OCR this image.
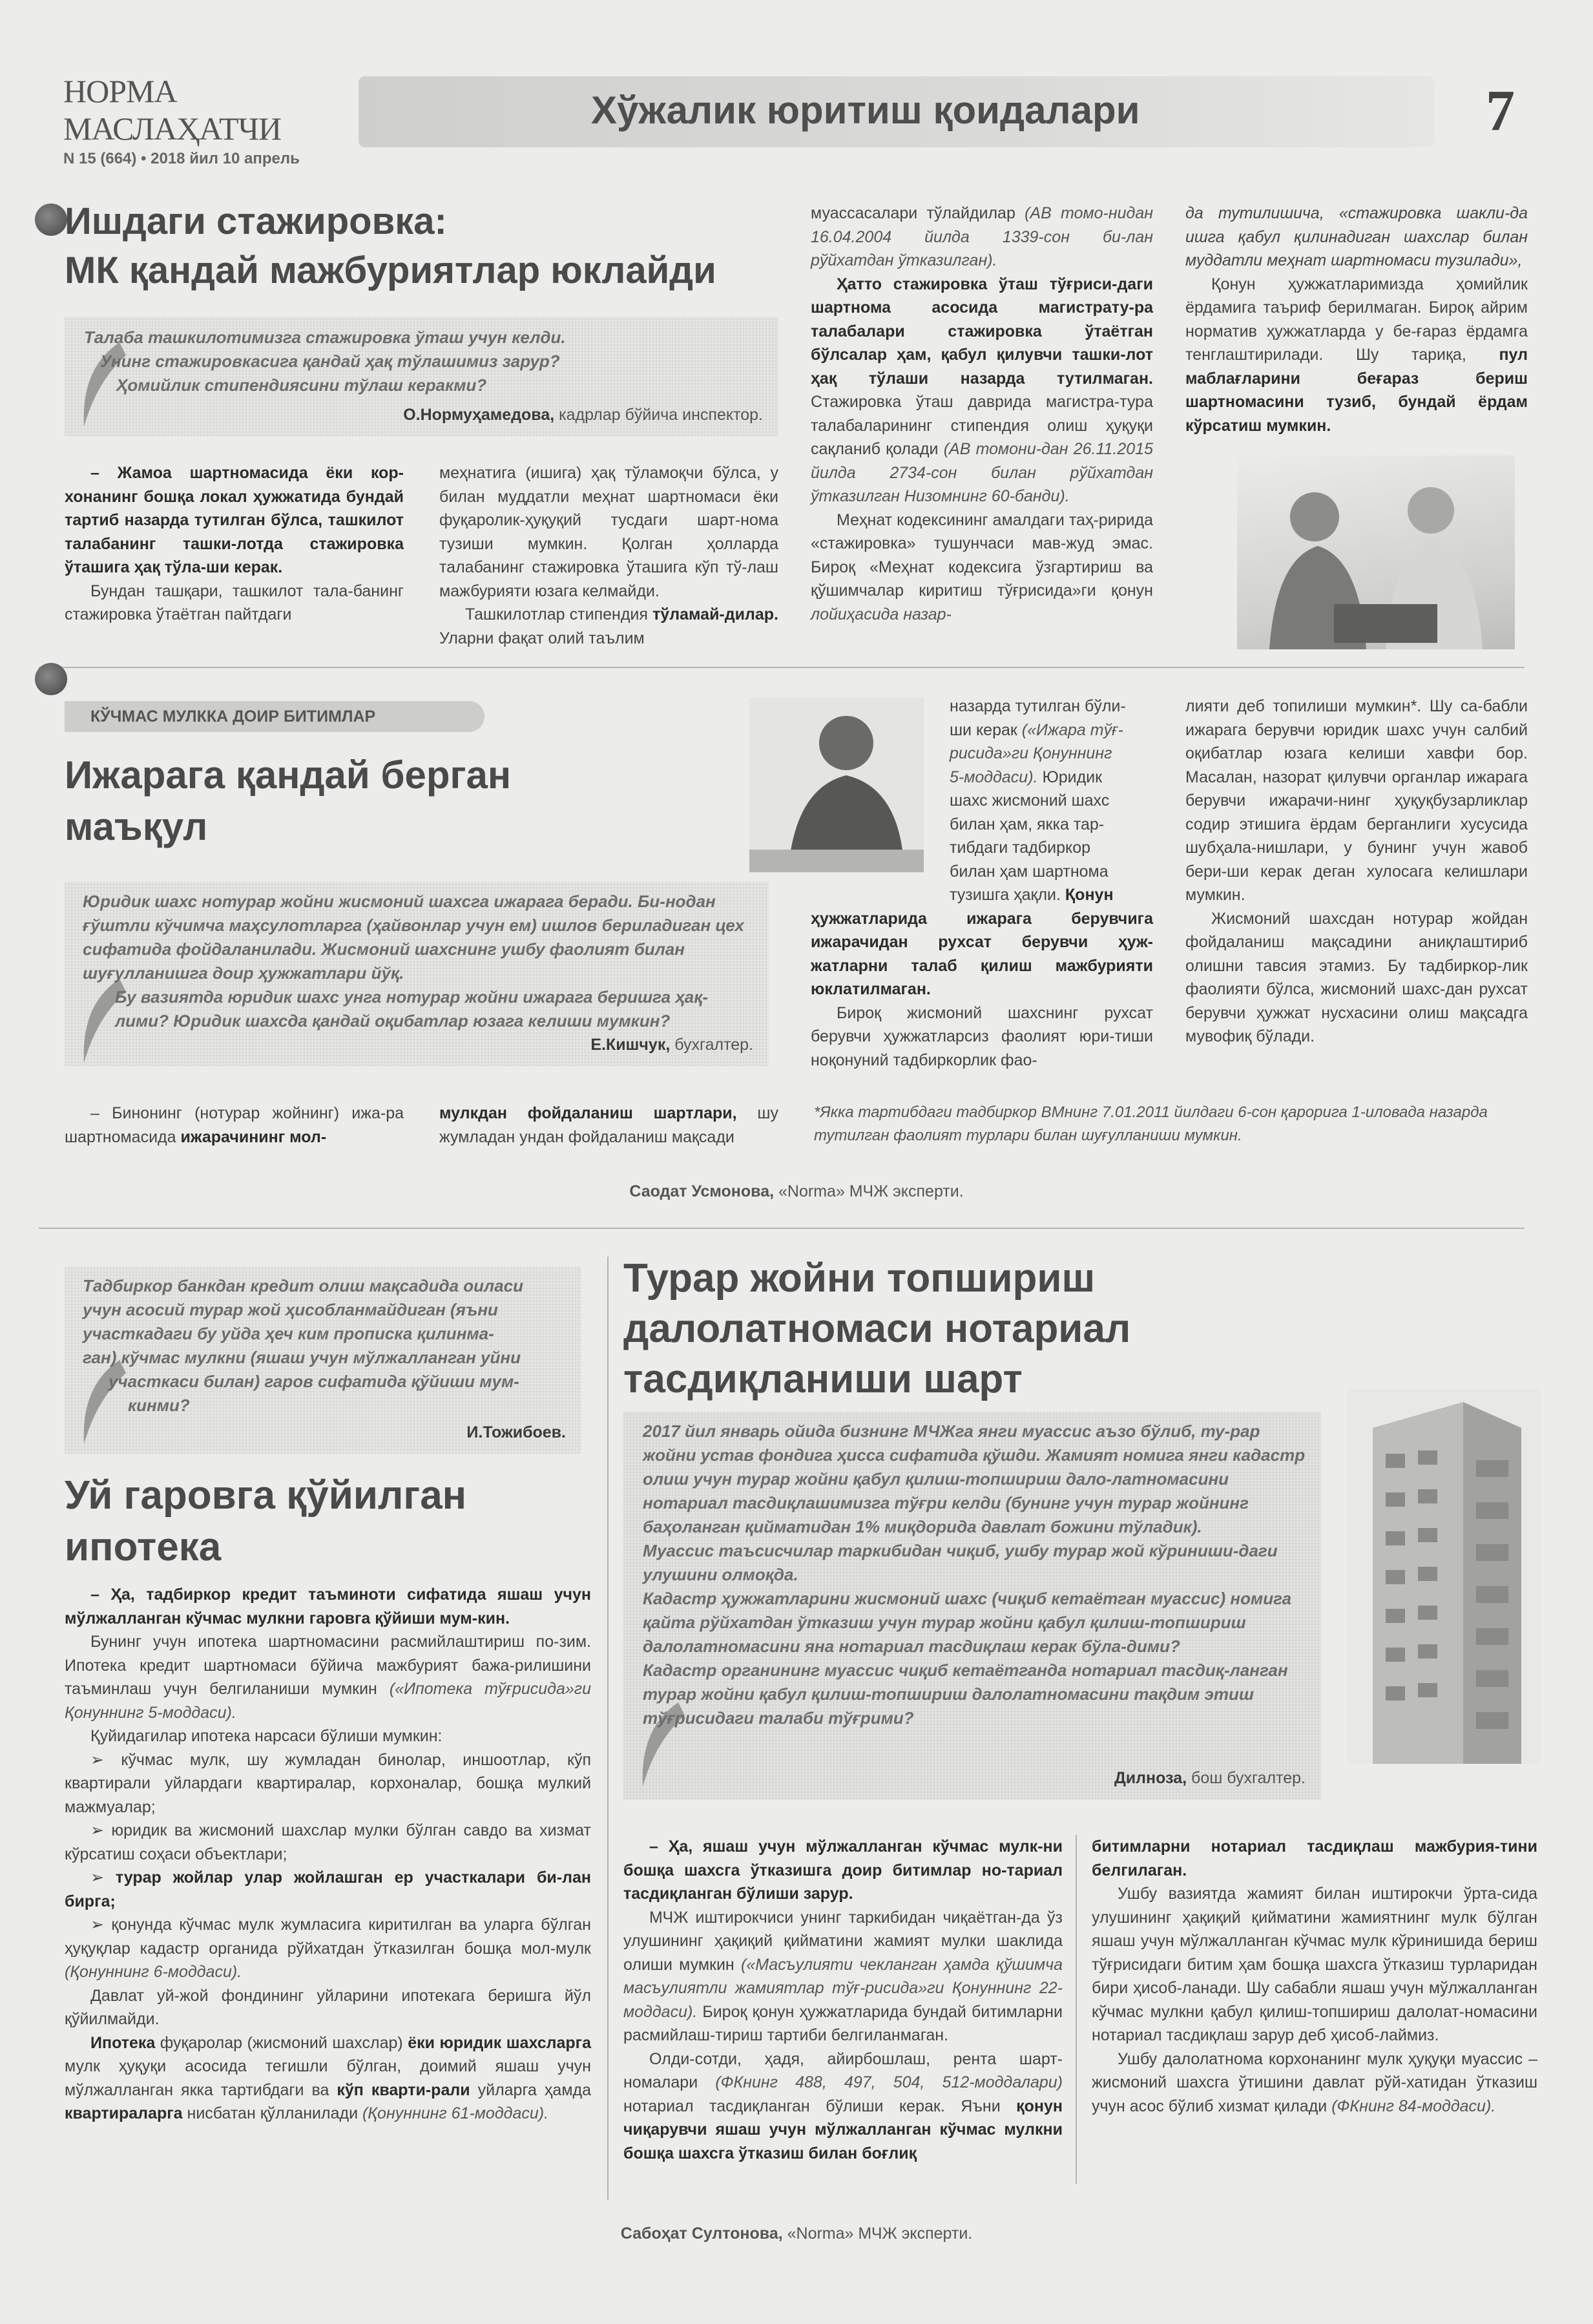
НОРМА МАСЛАҲАТЧИ
N 15 (664) • 2018 йил 10 апрель
Хўжалик юритиш қоидалари	7
Ишдаги стажировка:
МК қандай мажбуриятлар юклайди

Талаба ташкилотимизга стажировка ўташ учун келди.

Унинг стажировкасига қандай ҳақ тўлашимиз зарур?

Ҳомийлик стипендиясини тўлаш керакми?

О.Нормуҳамедова, кадрлар бўйича инспектор.

– Жамоа шартномасида ёки кор-хонанинг бошқа локал ҳужжатида бундай тартиб назарда тутилган бўлса, ташкилот талабанинг ташки-лотда стажировка ўташига ҳақ тўла-ши керак.

Бундан ташқари, ташкилот тала-банинг стажировка ўтаётган пайтдаги

меҳнатига (ишига) ҳақ тўламоқчи бўлса, у билан муддатли меҳнат шартномаси ёки фуқаролик-ҳуқуқий тусдаги шарт-нома тузиши мумкин. Қолган ҳолларда талабанинг стажировка ўташига кўп тў-лаш мажбурияти юзага келмайди.

Ташкилотлар стипендия тўламай-дилар. Уларни фақат олий таълим

муассасалари тўлайдилар (АВ томо-нидан 16.04.2004 йилда 1339-сон би-лан рўйхатдан ўтказилган).

Ҳатто стажировка ўташ тўғриси-даги шартнома асосида магистрату-ра талабалари стажировка ўтаётган бўлсалар ҳам, қабул қилувчи ташки-лот ҳақ тўлаши назарда тутилмаган. Стажировка ўташ даврида магистра-тура талабаларининг стипендия олиш ҳуқуқи сақланиб қолади (АВ томони-дан 26.11.2015 йилда 2734-сон билан рўйхатдан ўтказилган Низомнинг 60-банди).

Меҳнат кодексининг амалдаги таҳ-ририда «стажировка» тушунчаси мав-жуд эмас. Бироқ «Меҳнат кодексига ўзгартириш ва қўшимчалар киритиш тўғрисида»ги қонун лойиҳасида назар-

да тутилишича, «стажировка шакли-да ишга қабул қилинадиган шахслар билан муддатли меҳнат шартномаси тузилади»,

Қонун ҳужжатларимизда ҳомийлик ёрдамига таъриф берилмаган. Бироқ айрим норматив ҳужжатларда у бе-ғараз ёрдамга тенглаштирилади. Шу тариқа, пул маблағларини беғараз бериш шартномасини тузиб, бундай ёрдам кўрсатиш мумкин.

КЎЧМАС МУЛККА ДОИР БИТИМЛАР
Ижарага қандай берган
маъқул

Юридик шахс нотурар жойни жисмоний шахсга ижарага беради. Би-нодан ғўштли кўчимча маҳсулотларга (ҳайвонлар учун ем) ишлов бериладиган цех сифатида фойдаланилади. Жисмоний шахснинг ушбу фаолият билан шуғулланишга доир ҳужжатлари йўқ.

Бу вазиятда юридик шахс унга нотурар жойни ижарага беришга ҳақ-лими? Юридик шахсда қандай оқибатлар юзага келиши мумкин?

Е.Кишчук, бухгалтер.

– Бинонинг (нотурар жойнинг) ижа-ра шартномасида ижарачининг мол-

мулкдан фойдаланиш шартлари, шу жумладан ундан фойдаланиш мақсади

назарда тутилган бўли-

ши керак («Ижара тўғ-

рисида»ги Қонуннинг

5-моддаси). Юридик

шахс жисмоний шахс

билан ҳам, якка тар-

тибдаги тадбиркор

билан ҳам шартнома

тузишга ҳақли. Қонун

ҳужжатларида ижарага берувчига ижарачидан рухсат берувчи ҳуж-жатларни талаб қилиш мажбурияти юклатилмаган.

Бироқ жисмоний шахснинг рухсат берувчи ҳужжатларсиз фаолият юри-тиши ноқонуний тадбиркорлик фао-

лияти деб топилиши мумкин*. Шу са-бабли ижарага берувчи юридик шахс учун салбий оқибатлар юзага келиши хавфи бор. Масалан, назорат қилувчи органлар ижарага берувчи ижарачи-нинг ҳуқуқбузарликлар содир этишига ёрдам берганлиги хусусида шубҳала-нишлари, у бунинг учун жавоб бери-ши керак деган хулосага келишлари мумкин.

Жисмоний шахсдан нотурар жойдан фойдаланиш мақсадини аниқлаштириб олишни тавсия этамиз. Бу тадбиркор-лик фаолияти бўлса, жисмоний шахс-дан рухсат берувчи ҳужжат нусхасини олиш мақсадга мувофиқ бўлади.

*Якка тартибдаги тадбиркор ВМнинг 7.01.2011 йилдаги 6-сон қарорига 1-иловада назарда тутилган фаолият турлари билан шуғулланиши мумкин.
Саодат Усмонова, «Norma» МЧЖ эксперти.

Тадбиркор банкдан кредит олиш мақсадида оиласи

учун асосий турар жой ҳисобланмайдиган (яъни

участкадаги бу уйда ҳеч ким прописка қилинма-

ган) кўчмас мулкни (яшаш учун мўлжалланган уйни

участкаси билан) гаров сифатида қўйиши мум-

кинми?

И.Тожибоев.
Уй гаровга қўйилган
ипотека

– Ҳа, тадбиркор кредит таъминоти сифатида яшаш учун мўлжалланган кўчмас мулкни гаровга қўйиши мум-кин.

Бунинг учун ипотека шартномасини расмийлаштириш по-зим. Ипотека кредит шартномаси бўйича мажбурият бажа-рилишини таъминлаш учун белгиланиши мумкин («Ипотека тўғрисида»ги Қонуннинг 5-моддаси).

Қуйидагилар ипотека нарсаси бўлиши мумкин:

➢ кўчмас мулк, шу жумладан бинолар, иншоотлар, кўп квартирали уйлардаги квартиралар, корхоналар, бошқа мулкий мажмуалар;

➢ юридик ва жисмоний шахслар мулки бўлган савдо ва хизмат кўрсатиш соҳаси объектлари;

➢ турар жойлар улар жойлашган ер участкалари би-лан бирга;

➢ қонунда кўчмас мулк жумласига киритилган ва уларга бўлган ҳуқуқлар кадастр органида рўйхатдан ўтказилган бошқа мол-мулк (Қонуннинг 6-моддаси).

Давлат уй-жой фондининг уйларини ипотекага беришга йўл қўйилмайди.

Ипотека фуқаролар (жисмоний шахслар) ёки юридик шахсларга мулк ҳуқуқи асосида тегишли бўлган, доимий яшаш учун мўлжалланган якка тартибдаги ва кўп кварти-рали уйларга ҳамда квартираларга нисбатан қўлланилади (Қонуннинг 61-моддаси).

Турар жойни топшириш
далолатномаси нотариал
тасдиқланиши шарт

2017 йил январь ойида бизнинг МЧЖга янги муассис аъзо бўлиб, ту-рар жойни устав фондига ҳисса сифатида қўшди. Жамият номига янги кадастр олиш учун турар жойни қабул қилиш-топшириш дало-латномасини нотариал тасдиқлашимизга тўғри келди (бунинг учун турар жойнинг баҳоланган қийматидан 1% миқдорида давлат божини тўладик).

Муассис таъсисчилар таркибидан чиқиб, ушбу турар жой кўриниши-даги улушини олмоқда.

Кадастр ҳужжатларини жисмоний шахс (чиқиб кетаётган муассис) номига қайта рўйхатдан ўтказиш учун турар жойни қабул қилиш-топшириш далолатномасини яна нотариал тасдиқлаш керак бўла-дими?

Кадастр органининг муассис чиқиб кетаётганда нотариал тасдиқ-ланган турар жойни қабул қилиш-топшириш далолатномасини тақдим этиш тўғрисидаги талаби тўғрими?

Дилноза, бош бухгалтер.

– Ҳа, яшаш учун мўлжалланган кўчмас мулк-ни бошқа шахсга ўтказишга доир битимлар но-тариал тасдиқланган бўлиши зарур.

МЧЖ иштирокчиси унинг таркибидан чиқаётган-да ўз улушининг ҳақиқий қийматини жамият мулки шаклида олиши мумкин («Масъулияти чекланган ҳамда қўшимча масъулиятли жамиятлар тўғ-рисида»ги Қонуннинг 22-моддаси). Бироқ қонун ҳужжатларида бундай битимларни расмийлаш-тириш тартиби белгиланмаган.

Олди-сотди, ҳадя, айирбошлаш, рента шарт-номалари (ФКнинг 488, 497, 504, 512-моддалари) нотариал тасдиқланган бўлиши керак. Яъни қонун чиқарувчи яшаш учун мўлжалланган кўчмас мулкни бошқа шахсга ўтказиш билан боғлиқ

битимларни нотариал тасдиқлаш мажбурия-тини белгилаган.

Ушбу вазиятда жамият билан иштирокчи ўрта-сида улушининг ҳақиқий қийматини жамиятнинг мулк бўлган яшаш учун мўлжалланган кўчмас мулк кўринишида бериш тўғрисидаги битим ҳам бошқа шахсга ўтказиш турларидан бири ҳисоб-ланади. Шу сабабли яшаш учун мўлжалланган кўчмас мулкни қабул қилиш-топшириш далолат-номасини нотариал тасдиқлаш зарур деб ҳисоб-лаймиз.

Ушбу далолатнома корхонанинг мулк ҳуқуқи муассис – жисмоний шахсга ўтишини давлат рўй-хатидан ўтказиш учун асос бўлиб хизмат қилади (ФКнинг 84-моддаси).

Сабоҳат Султонова, «Norma» МЧЖ эксперти.
